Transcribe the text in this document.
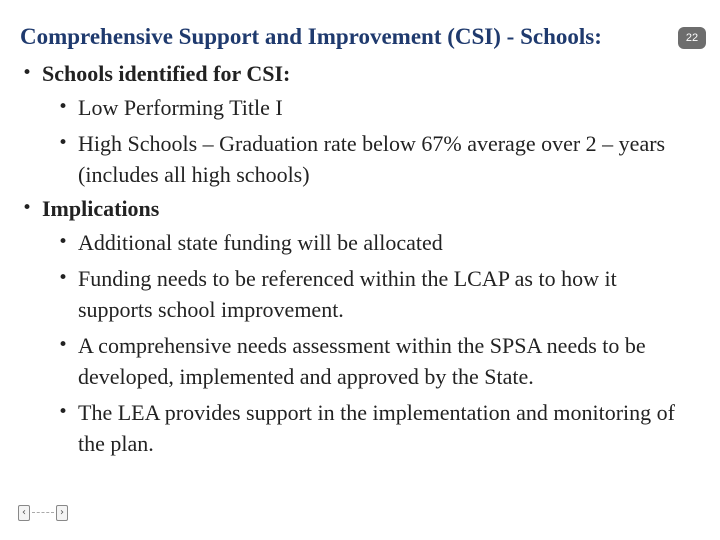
Comprehensive Support and Improvement (CSI) - Schools:	22
• Schools identified for CSI:
• Low Performing Title I
• High Schools – Graduation rate below 67% average over 2 – years (includes all high schools)
• Implications
• Additional state funding will be allocated
• Funding needs to be referenced within the LCAP as to how it supports school improvement.
• A comprehensive needs assessment within the SPSA needs to be developed, implemented and approved by the State.
• The LEA provides support in the implementation and monitoring of the plan.
‹	›
